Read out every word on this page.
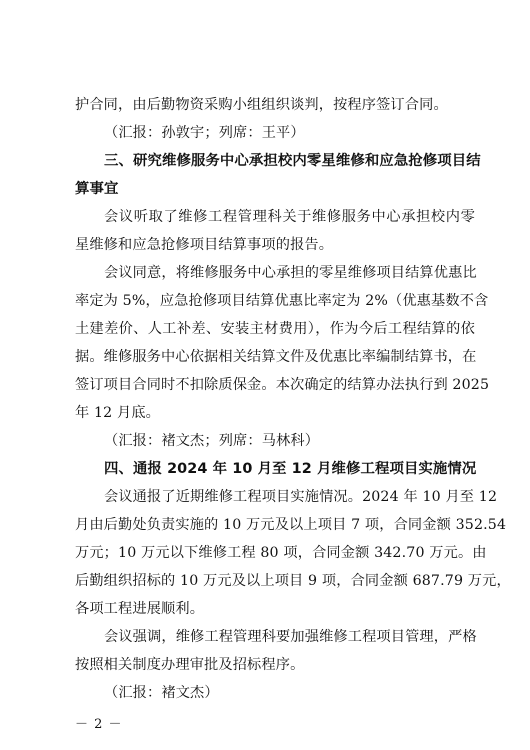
护合同，由后勤物资采购小组组织谈判，按程序签订合同。
（汇报：孙敦宇；列席：王平）
三、研究维修服务中心承担校内零星维修和应急抢修项目结
算事宜
会议听取了维修工程管理科关于维修服务中心承担校内零
星维修和应急抢修项目结算事项的报告。
会议同意，将维修服务中心承担的零星维修项目结算优惠比
率定为 5%，应急抢修项目结算优惠比率定为 2%（优惠基数不含
土建差价、人工补差、安装主材费用），作为今后工程结算的依
据。维修服务中心依据相关结算文件及优惠比率编制结算书，在
签订项目合同时不扣除质保金。本次确定的结算办法执行到 2025
年 12 月底。
（汇报：褚文杰；列席：马林科）
四、通报 2024 年 10 月至 12 月维修工程项目实施情况
会议通报了近期维修工程项目实施情况。2024 年 10 月至 12
月由后勤处负责实施的 10 万元及以上项目 7 项，合同金额 352.54
万元；10 万元以下维修工程 80 项，合同金额 342.70 万元。由
后勤组织招标的 10 万元及以上项目 9 项，合同金额 687.79 万元，
各项工程进展顺利。
会议强调，维修工程管理科要加强维修工程项目管理，严格
按照相关制度办理审批及招标程序。
（汇报：褚文杰）
－ 2 －
